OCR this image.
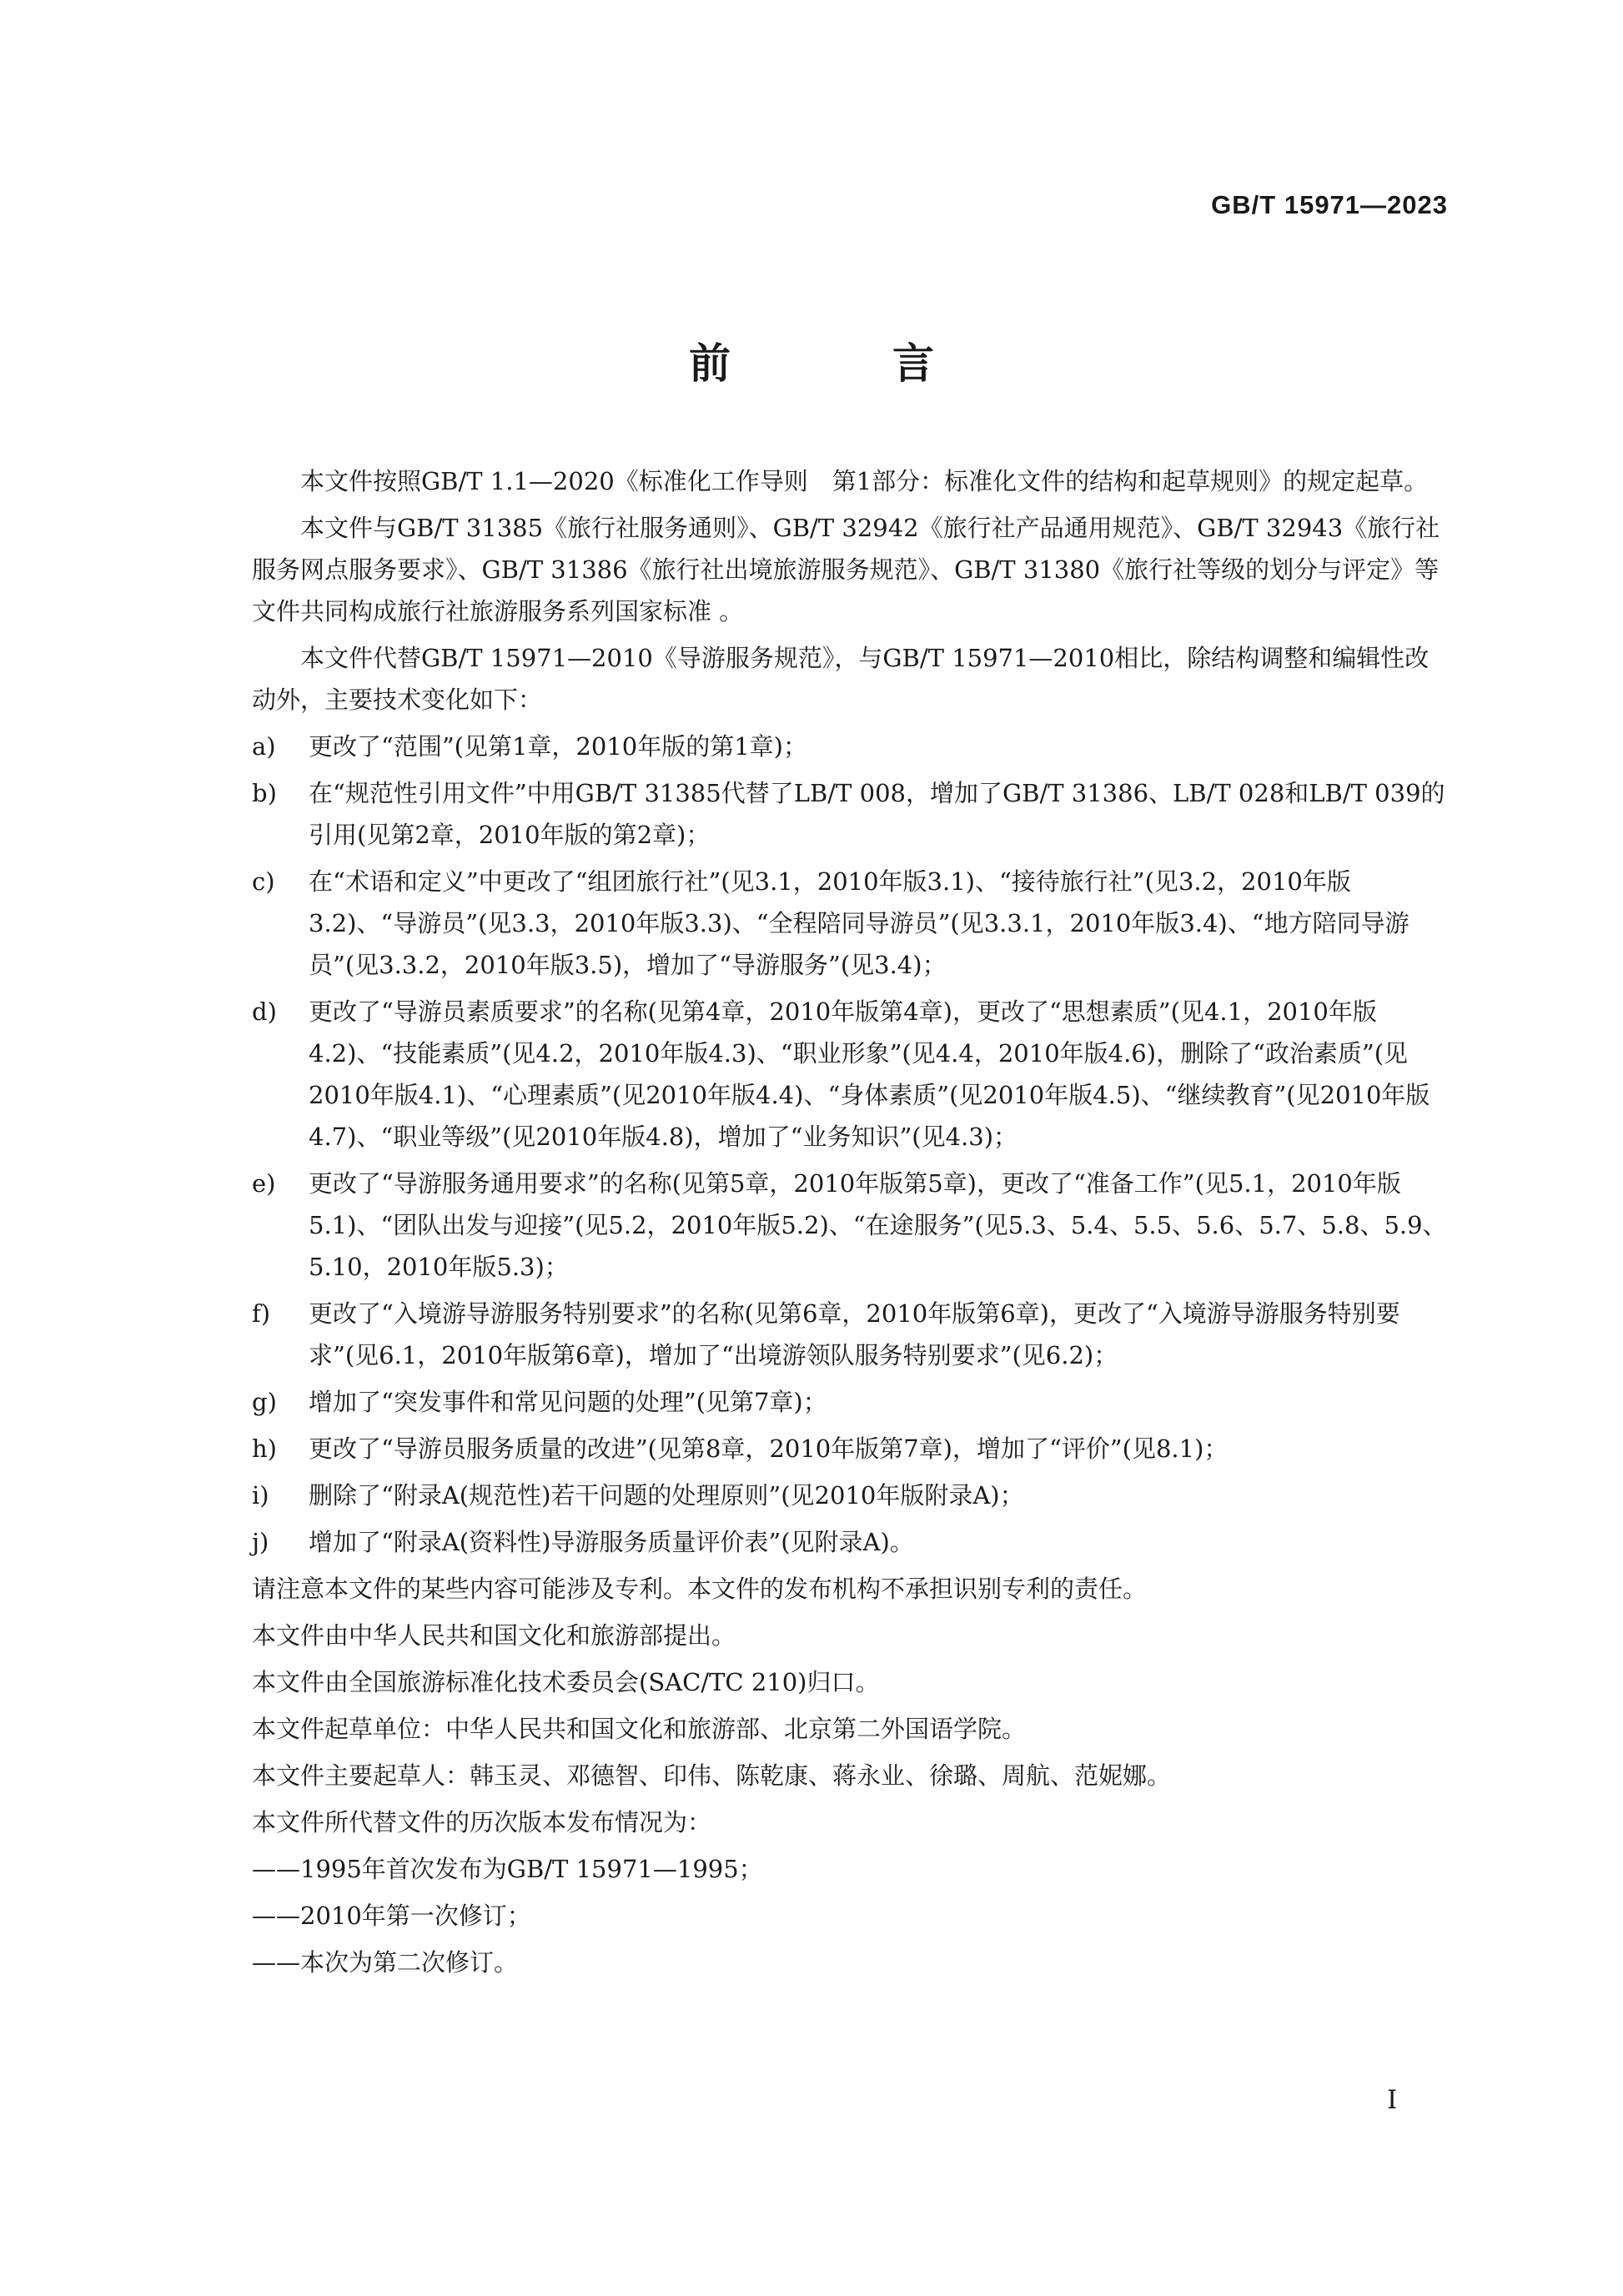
GB/T 15971—2023
前　言

本文件按照GB/T 1.1—2020《标准化工作导则　第1部分：标准化文件的结构和起草规则》的规定起草。

本文件与GB/T 31385《旅行社服务通则》、GB/T 32942《旅行社产品通用规范》、GB/T 32943《旅行社服务网点服务要求》、GB/T 31386《旅行社出境旅游服务规范》、GB/T 31380《旅行社等级的划分与评定》等文件共同构成旅行社旅游服务系列国家标准 。

本文件代替GB/T 15971—2010《导游服务规范》，与GB/T 15971—2010相比，除结构调整和编辑性改动外，主要技术变化如下：

a)	更改了“范围”(见第1章，2010年版的第1章)；
b)	在“规范性引用文件”中用GB/T 31385代替了LB/T 008，增加了GB/T 31386、LB/T 028和LB/T 039的引用(见第2章，2010年版的第2章)；
c)	在“术语和定义”中更改了“组团旅行社”(见3.1，2010年版3.1)、“接待旅行社”(见3.2，2010年版3.2)、“导游员”(见3.3，2010年版3.3)、“全程陪同导游员”(见3.3.1，2010年版3.4)、“地方陪同导游员”(见3.3.2，2010年版3.5)，增加了“导游服务”(见3.4)；
d)	更改了“导游员素质要求”的名称(见第4章，2010年版第4章)，更改了“思想素质”(见4.1，2010年版4.2)、“技能素质”(见4.2，2010年版4.3)、“职业形象”(见4.4，2010年版4.6)，删除了“政治素质”(见2010年版4.1)、“心理素质”(见2010年版4.4)、“身体素质”(见2010年版4.5)、“继续教育”(见2010年版4.7)、“职业等级”(见2010年版4.8)，增加了“业务知识”(见4.3)；
e)	更改了“导游服务通用要求”的名称(见第5章，2010年版第5章)，更改了“准备工作”(见5.1，2010年版5.1)、“团队出发与迎接”(见5.2，2010年版5.2)、“在途服务”(见5.3、5.4、5.5、5.6、5.7、5.8、5.9、5.10，2010年版5.3)；
f)	更改了“入境游导游服务特别要求”的名称(见第6章，2010年版第6章)，更改了“入境游导游服务特别要求”(见6.1，2010年版第6章)，增加了“出境游领队服务特别要求”(见6.2)；
g)	增加了“突发事件和常见问题的处理”(见第7章)；
h)	更改了“导游员服务质量的改进”(见第8章，2010年版第7章)，增加了“评价”(见8.1)；
i)	删除了“附录A(规范性)若干问题的处理原则”(见2010年版附录A)；
j)	增加了“附录A(资料性)导游服务质量评价表”(见附录A)。

请注意本文件的某些内容可能涉及专利。本文件的发布机构不承担识别专利的责任。

本文件由中华人民共和国文化和旅游部提出。

本文件由全国旅游标准化技术委员会(SAC/TC 210)归口。

本文件起草单位：中华人民共和国文化和旅游部、北京第二外国语学院。

本文件主要起草人：韩玉灵、邓德智、印伟、陈乾康、蒋永业、徐璐、周航、范妮娜。

本文件所代替文件的历次版本发布情况为：

——1995年首次发布为GB/T 15971—1995；

——2010年第一次修订；

——本次为第二次修订。

I
